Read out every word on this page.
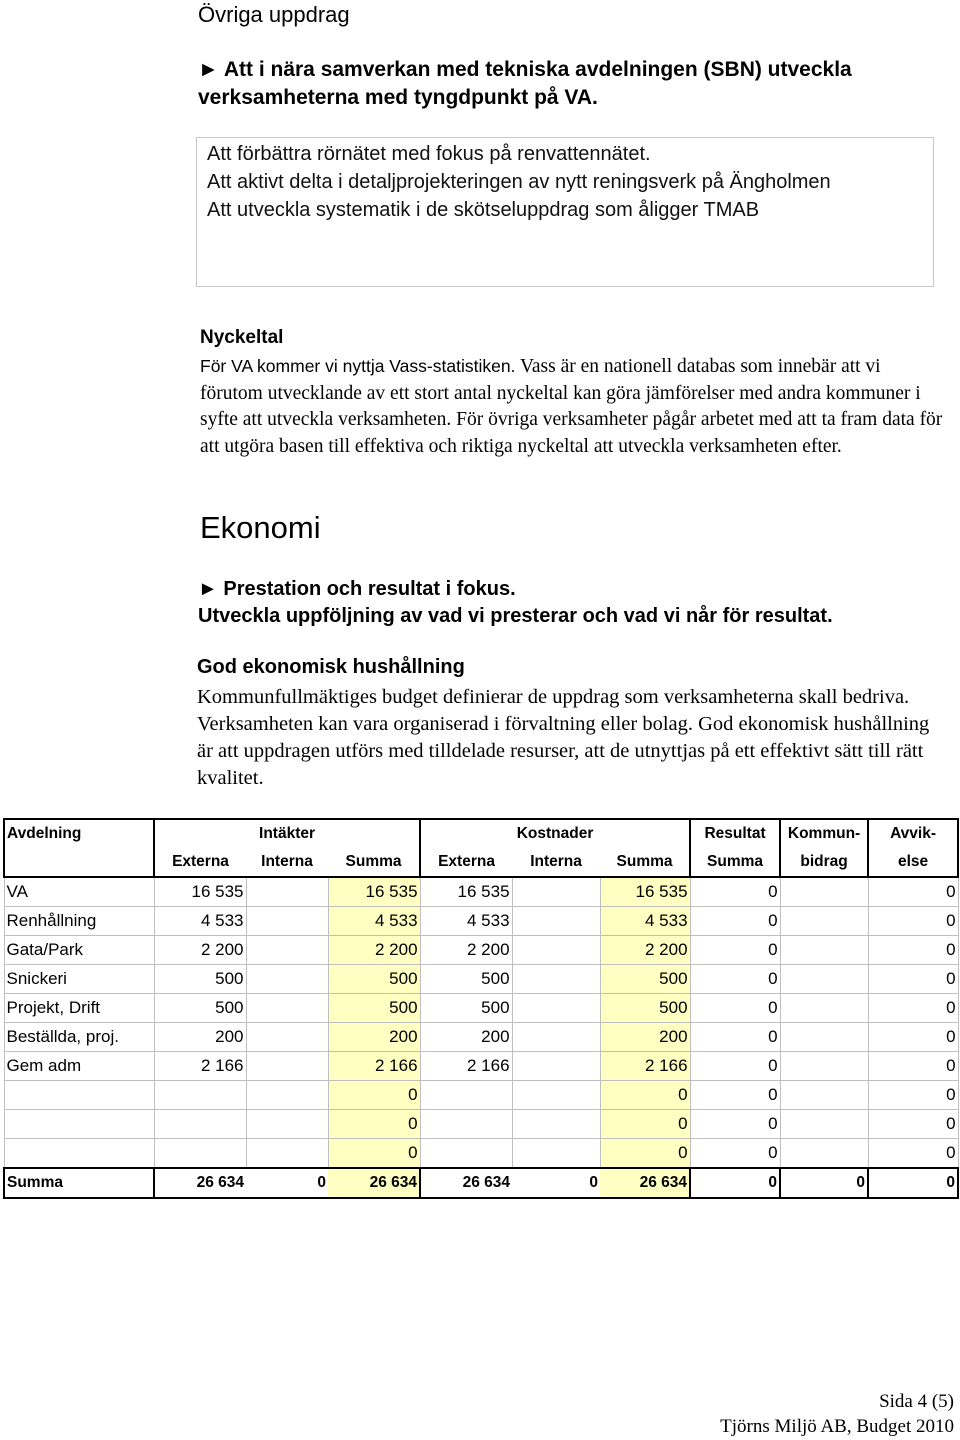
Övriga uppdrag
► Att i nära samverkan med tekniska avdelningen (SBN) utveckla verksamheterna med tyngdpunkt på VA.
Att förbättra rörnätet med fokus på renvattennätet.
Att aktivt delta i detaljprojekteringen av nytt reningsverk på Ängholmen
Att utveckla systematik i de skötseluppdrag som åligger TMAB
Nyckeltal
För VA kommer vi nyttja Vass-statistiken. Vass är en nationell databas som innebär att vi förutom utvecklande av ett stort antal nyckeltal kan göra jämförelser med andra kommuner i syfte att utveckla verksamheten. För övriga verksamheter pågår arbetet med att ta fram data för att utgöra basen till effektiva och riktiga nyckeltal att utveckla verksamheten efter.
Ekonomi
► Prestation och resultat i fokus.
Utveckla uppföljning av vad vi presterar och vad vi når för resultat.
God ekonomisk hushållning
Kommunfullmäktiges budget definierar de uppdrag som verksamheterna skall bedriva. Verksamheten kan vara organiserad i förvaltning eller bolag. God ekonomisk hushållning är att uppdragen utförs med tilldelade resurser, att de utnyttjas på ett effektivt sätt till rätt kvalitet.
Avdelning	Intäkter			Kostnader			Resultat	Kommun-	Avvik-
	Externa	Interna	Summa	Externa	Interna	Summa	Summa	bidrag	else
VA	16 535		16 535	16 535		16 535	0		0
Renhållning	4 533		4 533	4 533		4 533	0		0
Gata/Park	2 200		2 200	2 200		2 200	0		0
Snickeri	500		500	500		500	0		0
Projekt, Drift	500		500	500		500	0		0
Beställda, proj.	200		200	200		200	0		0
Gem adm	2 166		2 166	2 166		2 166	0		0
			0			0	0		0
			0			0	0		0
			0			0	0		0
Summa	26 634	0	26 634	26 634	0	26 634	0	0	0
Sida 4 (5)
Tjörns Miljö AB, Budget 2010
